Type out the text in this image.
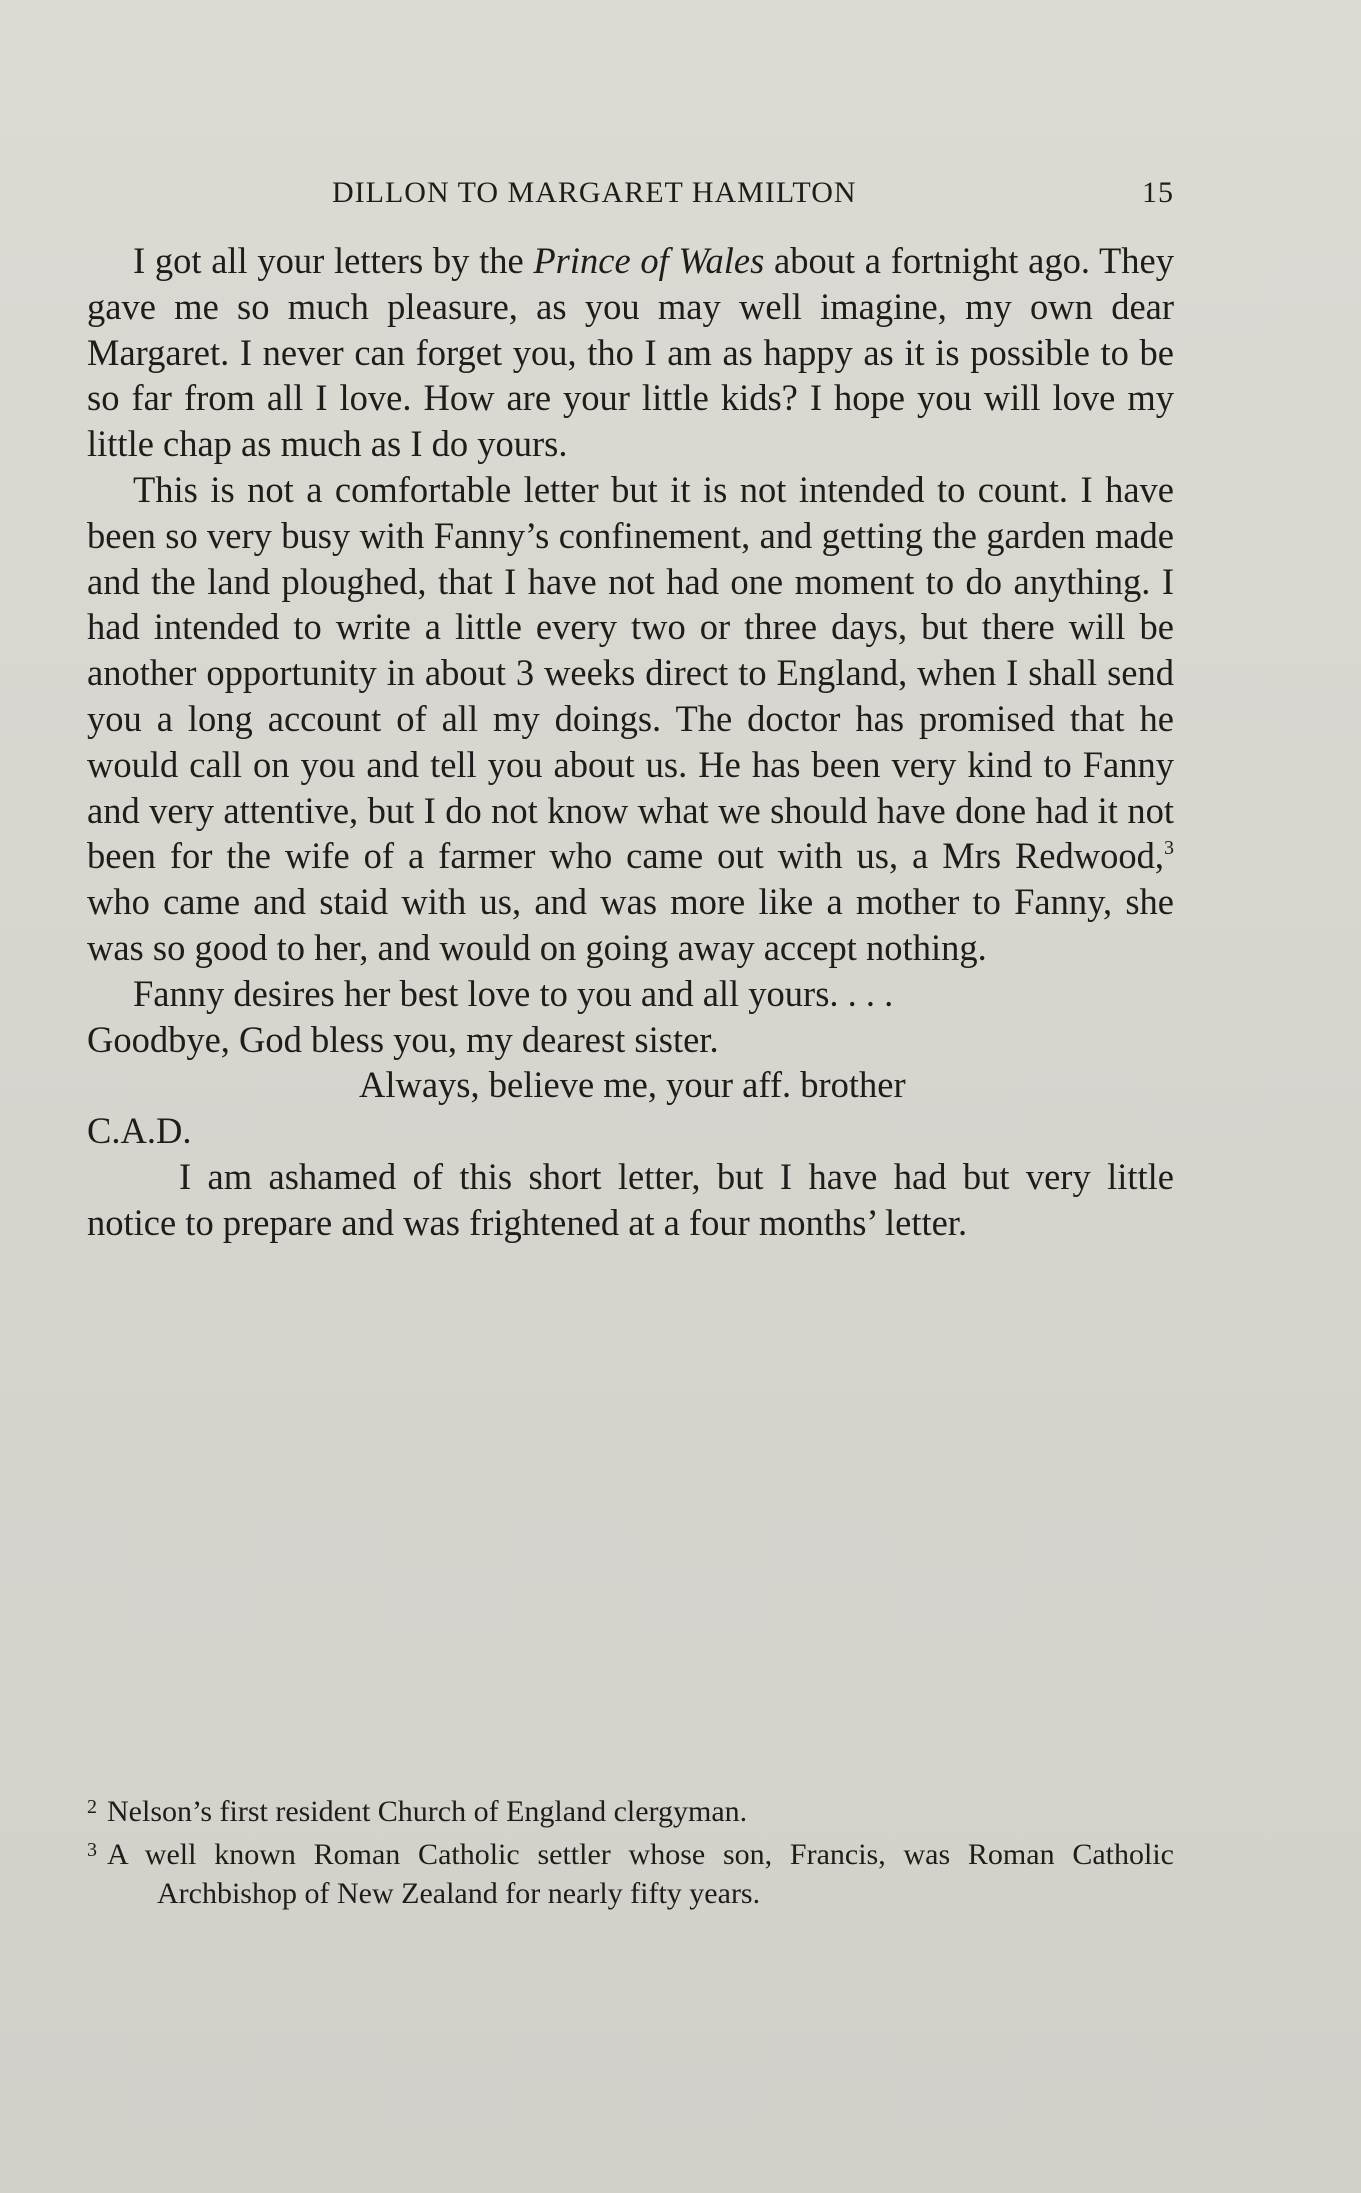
DILLON TO MARGARET HAMILTON	15

I got all your letters by the Prince of Wales about a fortnight ago. They gave me so much pleasure, as you may well imagine, my own dear Margaret. I never can forget you, tho I am as happy as it is possible to be so far from all I love. How are your little kids? I hope you will love my little chap as much as I do yours.

This is not a comfortable letter but it is not intended to count. I have been so very busy with Fanny’s confinement, and getting the garden made and the land ploughed, that I have not had one moment to do anything. I had intended to write a little every two or three days, but there will be another opportunity in about 3 weeks direct to England, when I shall send you a long account of all my doings. The doctor has promised that he would call on you and tell you about us. He has been very kind to Fanny and very attentive, but I do not know what we should have done had it not been for the wife of a farmer who came out with us, a Mrs Redwood,$^3$ who came and staid with us, and was more like a mother to Fanny, she was so good to her, and would on going away accept nothing.

Fanny desires her best love to you and all yours. . . .

Goodbye, God bless you, my dearest sister.

Always, believe me, your aff. brother

C.A.D.

I am ashamed of this short letter, but I have had but very little notice to prepare and was frightened at a four months’ letter.

2 Nelson’s first resident Church of England clergyman.

3 A well known Roman Catholic settler whose son, Francis, was Roman Catholic Archbishop of New Zealand for nearly fifty years.
